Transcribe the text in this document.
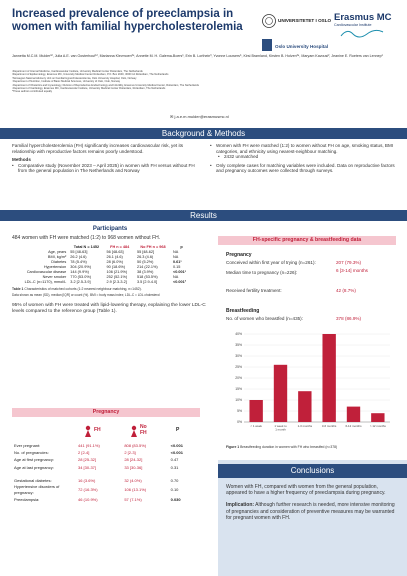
Increased prevalence of preeclampsia in women with familial hypercholesterolemia
UNIVERSITETET I OSLO
Oslo University Hospital
Erasmus MC
Cardiovascular Institute
Jannetta M.C.M. Mulder¹², Julia A.E. van Oosterhout¹², Marianna Klevmoen³⁴, Annette M. H. Galema-Boers¹, Erin B. Lorthein³, Yvonne Louwers⁵, Kirsi Bramland, Kirsten B. Holven³⁴, Maryam Kavousi², Jeanine E. Roeters van Lennep¹
¹Department of Internal Medicine, Cardiovascular Institute, University Medical Center Rotterdam, The Netherlands
²Department of Epidemiology, Erasmus MC, University Medical Center Rotterdam, P.O. Box 2040, 3000 CA Rotterdam, The Netherlands
³Norwegian National Advisory Unit on Familial Hypercholesterolemia, Oslo University Hospital, Oslo, Norway
⁴Department of Nutrition, Institute of Basic Medical Sciences, University of Oslo, Oslo, Norway
⁵Department of Obstetrics and Gynecology, Division of Reproductive Endocrinology and Infertility, Erasmus University Medical Center, Rotterdam, The Netherlands
⁶Department of Cardiology, Erasmus MC, Cardiovascular Institute, University Medical Center Rotterdam, Rotterdam, The Netherlands
*These authors contributed equally
✉ j.a.e.m.mulder@erasmusmc.nl
Background & Methods
Familial hypercholesterolemia (FH) significantly increases cardiovascular risk, yet its relationship with reproductive factors remains poorly understood.
Methods
• Comparative study (November 2023 – April 2025) in women with FH versus without FH from the general population in The Netherlands and Norway
• Women with FH were matched (1:2) to women without FH on age, smoking status, BMI categories, and ethnicity using nearest-neighbour matching.
• 2432 unmatched
• Only complete cases for matching variables were included. Data on reproductive factors and pregnancy outcomes were collected through surveys.
Results
Participants
484 women with FH were matched (1:2) to 968 women without FH.
	Total N = 1452	FH n = 484	No FH n = 968	p
Age, years	55 [48-63]	56 [48-63]	55 [48-62]	NA
BMI, kg/m²	26.2 (4.6)	26.1 (4.6)	26.3 (4.6)	NA
Diabetes	78 (5.4%)	28 (6.0%)	50 (5.2%)	0.61¹
Hypertension	304 (20.9%)	90 (18.6%)	214 (22.1%)	0.15
Cardiovascular disease	144 (9.9%)	106 (21.9%)	38 (3.9%)	<0.001¹
Never smoker	770 (53.0%)	252 (52.1%)	518 (53.5%)	NA
LDL-C (n=1170), mmol/L	3.2 [2.5-3.9]	2.9 [2.3-3.2]	3.5 [2.9-4.0]	<0.001²
Table 1 Characteristics of matched cohorts (1:2 nearest neighbour matching, n=1452).
Data shown as mean (SD), median [IQR] or count (%). BMI = body mass index; LDL-C = LDL cholesterol
95% of women with FH were treated with lipid-lowering therapy, explaining the lower LDL-C levels compared to the reference group (Table 1).
Pregnancy
FH	No FH	P
Ever pregnant:	441 (91.1%)	808 (83.5%)	<0.001
No. of pregnancies:	2 [2-4]	2 [2-3]	<0.001
Age at first pregnancy:	28 [25-32]	28 [24-32]	0.47
Age at last pregnancy:	34 [30-37]	33 [30-36]	0.31

Gestational diabetes:	16 (3.6%)	32 (4.0%)	0.70
Hypertensive disorders of pregnancy:	72 (16.3%)	106 (13.1%)	0.10
Preeclampsia:	46 (10.9%)	57 (7.1%)	0.030
FH-specific pregnancy & breastfeeding data
Pregnancy
Conceived within first year of trying (n=261):	207 (79.3%)
Median time to pregnancy (n=226):	6 [3-14] months
Received fertility treatment:	42 (8.7%)
Breastfeeding
No. of women who breastfed (n=435):	378 (86.9%)
0%
5%
10%
15%
20%
25%
30%
35%
40%
< 1 week	1 week to 1 month
1-3 months	3-6 months	6-12 months	> 12 months
Figure 1 Breastfeeding duration in women with FH who breastfed (n=378)
Conclusions
Women with FH, compared with women from the general population, appeared to have a higher frequency of preeclampsia during pregnancy.
Implication: Although further research is needed, more intensive monitoring of pregnancies and consideration of preventive measures may be warranted for pregnant women with FH.
